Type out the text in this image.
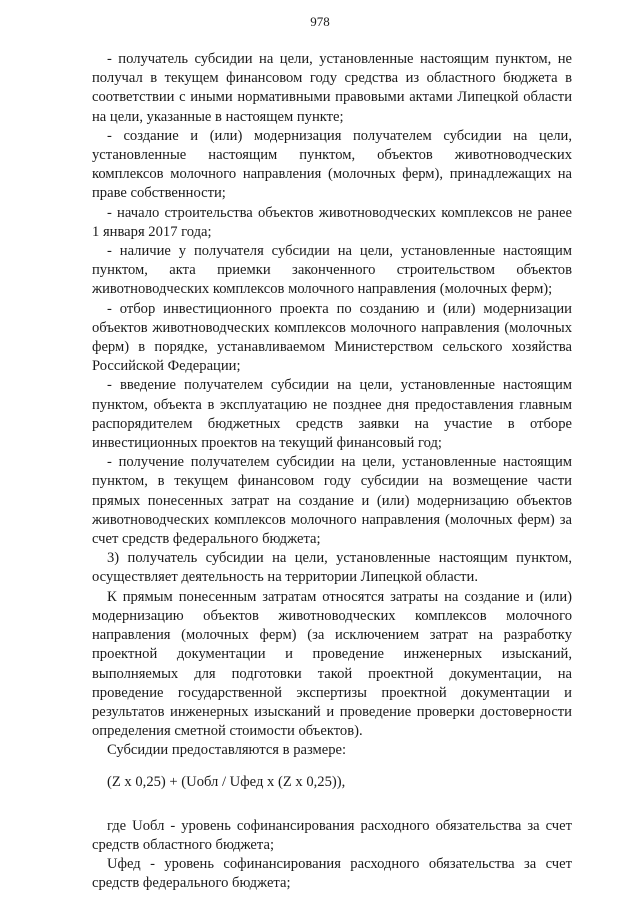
978

- получатель субсидии на цели, установленные настоящим пунктом, не получал в текущем финансовом году средства из областного бюджета в соответствии с иными нормативными правовыми актами Липецкой области на цели, указанные в настоящем пункте;

- создание и (или) модернизация получателем субсидии на цели, установленные настоящим пунктом, объектов животноводческих комплексов молочного направления (молочных ферм), принадлежащих на праве собственности;

- начало строительства объектов животноводческих комплексов не ранее 1 января 2017 года;

- наличие у получателя субсидии на цели, установленные настоящим пунктом, акта приемки законченного строительством объектов животноводческих комплексов молочного направления (молочных ферм);

- отбор инвестиционного проекта по созданию и (или) модернизации объектов животноводческих комплексов молочного направления (молочных ферм) в порядке, устанавливаемом Министерством сельского хозяйства Российской Федерации;

- введение получателем субсидии на цели, установленные настоящим пунктом, объекта в эксплуатацию не позднее дня предоставления главным распорядителем бюджетных средств заявки на участие в отборе инвестиционных проектов на текущий финансовый год;

- получение получателем субсидии на цели, установленные настоящим пунктом, в текущем финансовом году субсидии на возмещение части прямых понесенных затрат на создание и (или) модернизацию объектов животноводческих комплексов молочного направления (молочных ферм) за счет средств федерального бюджета;

3) получатель субсидии на цели, установленные настоящим пунктом, осуществляет деятельность на территории Липецкой области.

К прямым понесенным затратам относятся затраты на создание и (или) модернизацию объектов животноводческих комплексов молочного направления (молочных ферм) (за исключением затрат на разработку проектной документации и проведение инженерных изысканий, выполняемых для подготовки такой проектной документации, на проведение государственной экспертизы проектной документации и результатов инженерных изысканий и проведение проверки достоверности определения сметной стоимости объектов).

Субсидии предоставляются в размере:

(Z x 0,25) + (Uобл / Uфед x (Z x 0,25)),

где Uобл - уровень софинансирования расходного обязательства за счет средств областного бюджета;

Uфед - уровень софинансирования расходного обязательства за счет средств федерального бюджета;
